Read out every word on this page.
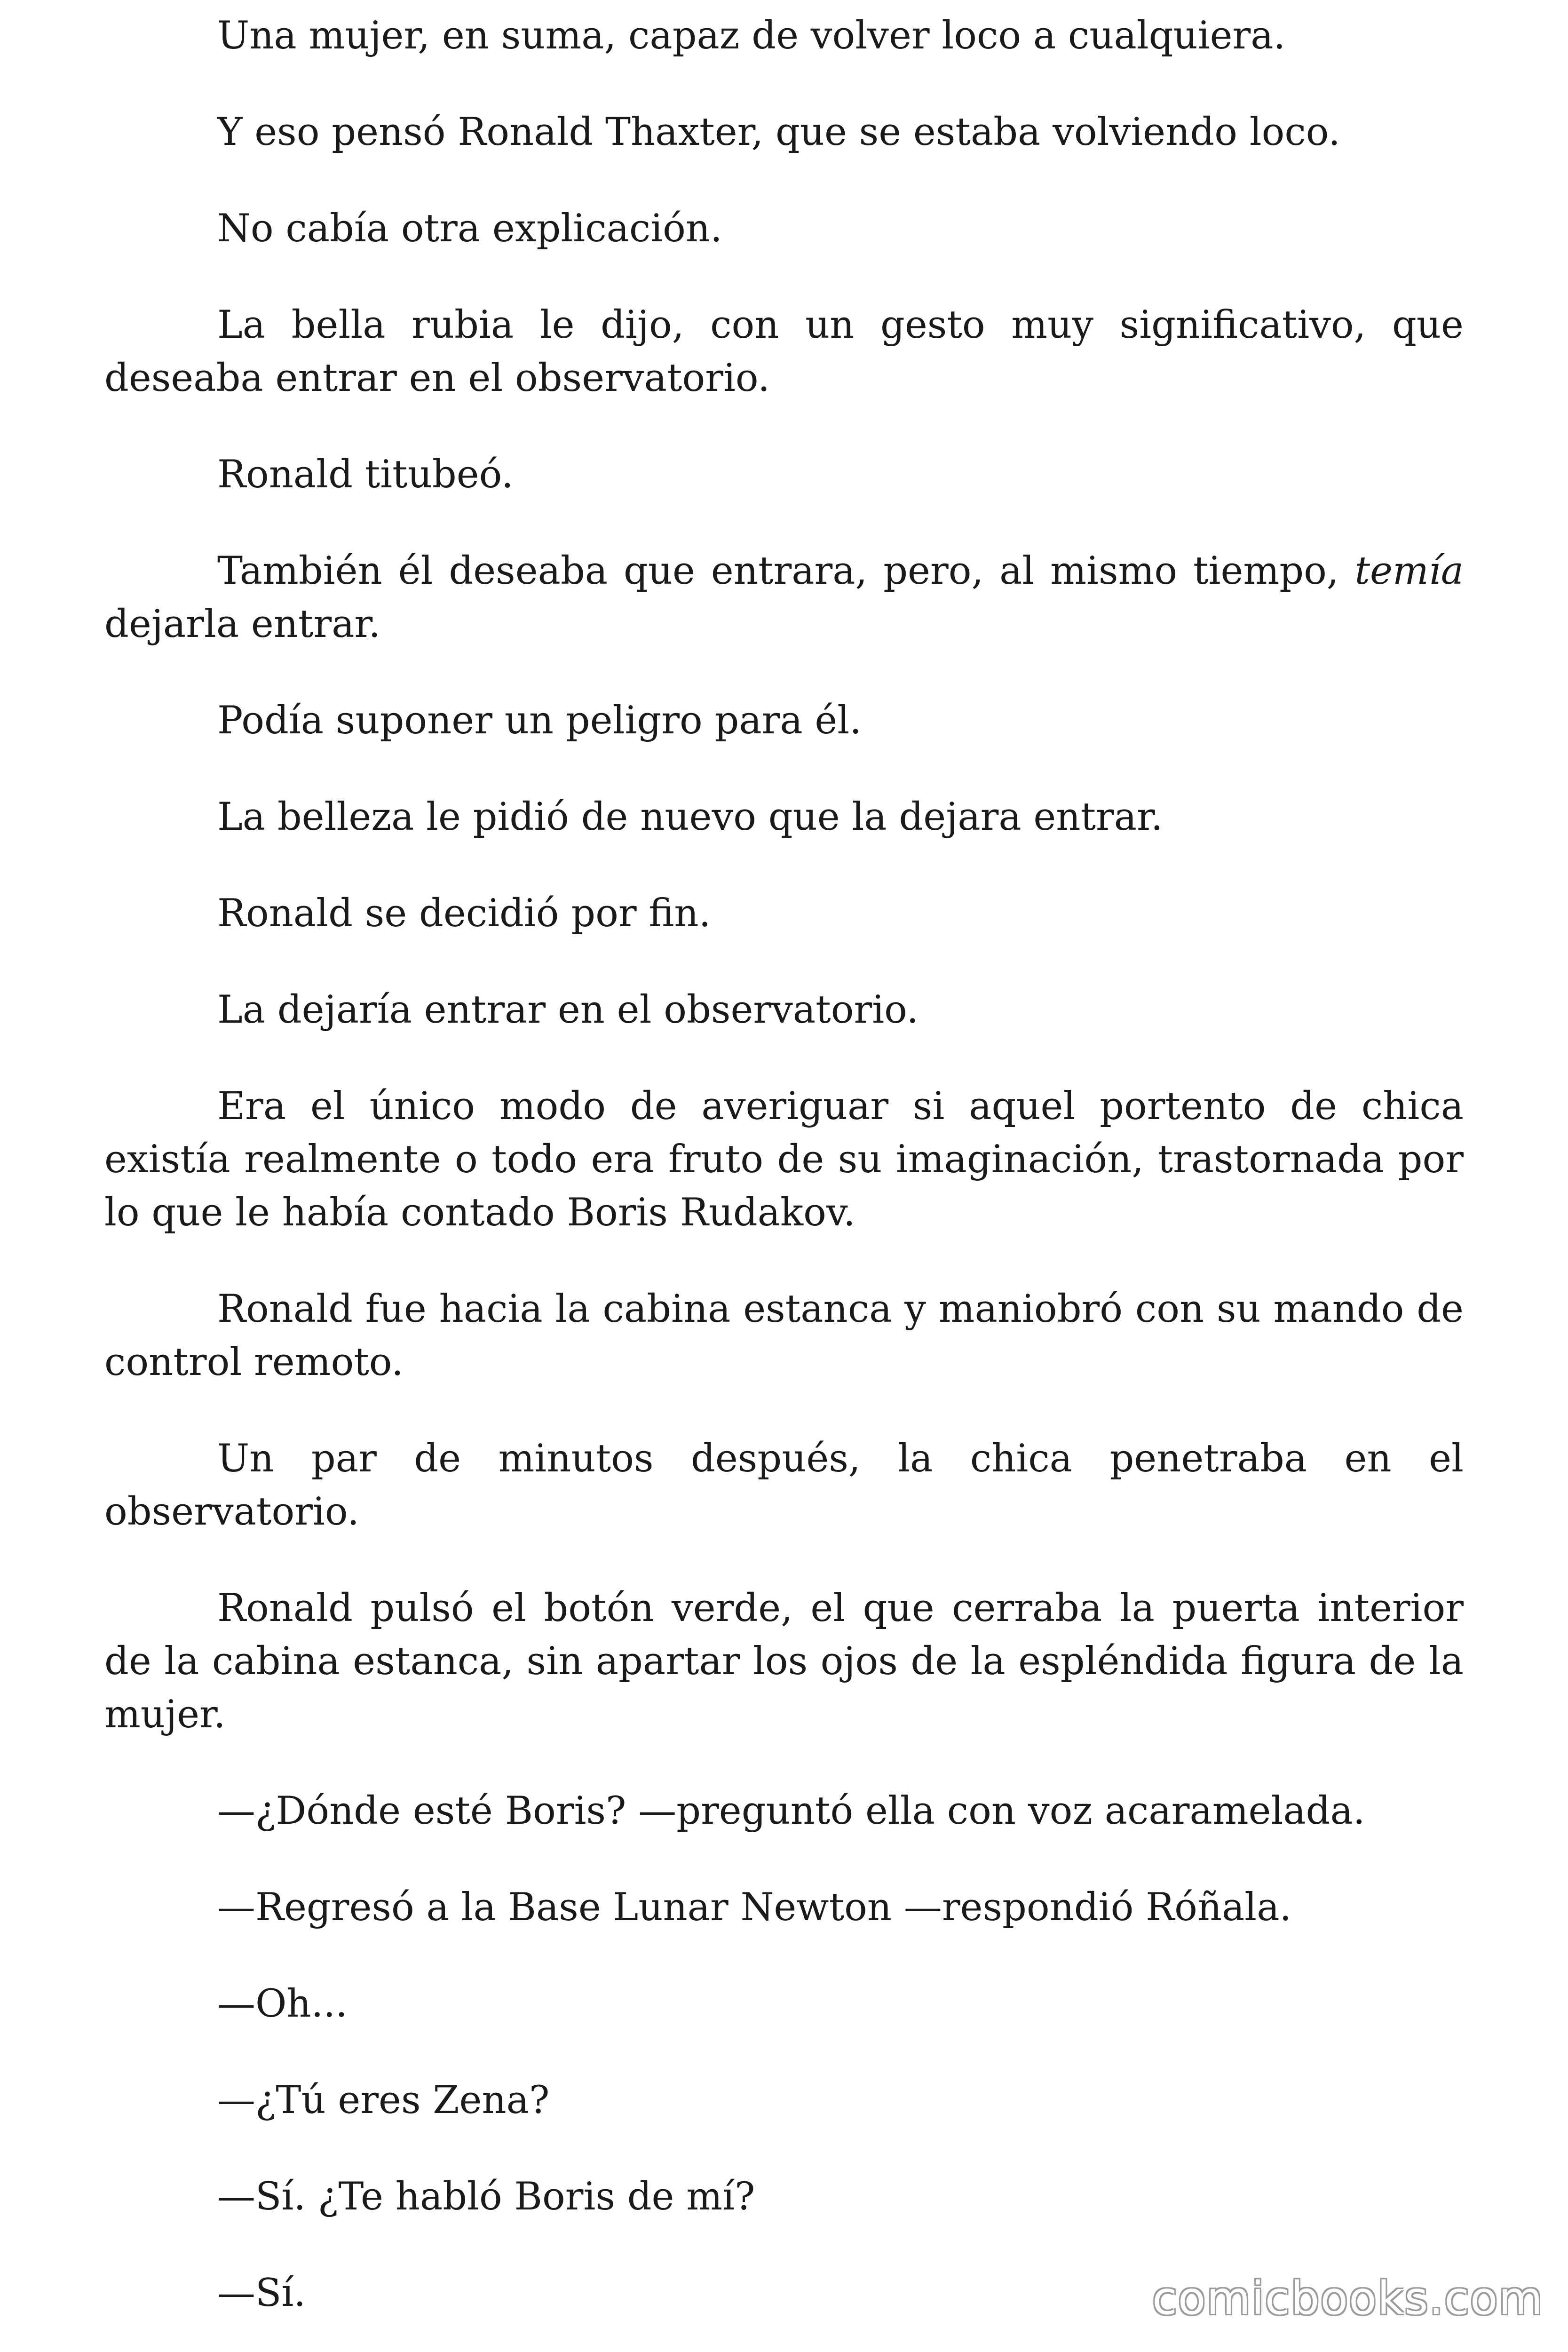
Una mujer, en suma, capaz de volver loco a cualquiera.

Y eso pensó Ronald Thaxter, que se estaba volviendo loco.

No cabía otra explicación.

La bella rubia le dijo, con un gesto muy significativo, que deseaba entrar en el observatorio.

Ronald titubeó.

También él deseaba que entrara, pero, al mismo tiempo, temía dejarla entrar.

Podía suponer un peligro para él.

La belleza le pidió de nuevo que la dejara entrar.

Ronald se decidió por fin.

La dejaría entrar en el observatorio.

Era el único modo de averiguar si aquel portento de chica existía realmente o todo era fruto de su imaginación, trastornada por lo que le había contado Boris Rudakov.

Ronald fue hacia la cabina estanca y maniobró con su mando de control remoto.

Un par de minutos después, la chica penetraba en el observatorio.

Ronald pulsó el botón verde, el que cerraba la puerta interior de la cabina estanca, sin apartar los ojos de la espléndida figura de la mujer.

—¿Dónde esté Boris? —preguntó ella con voz acaramelada.

—Regresó a la Base Lunar Newton —respondió Róñala.

—Oh...

—¿Tú eres Zena?

—Sí. ¿Te habló Boris de mí?

—Sí.	comicbooks.com
